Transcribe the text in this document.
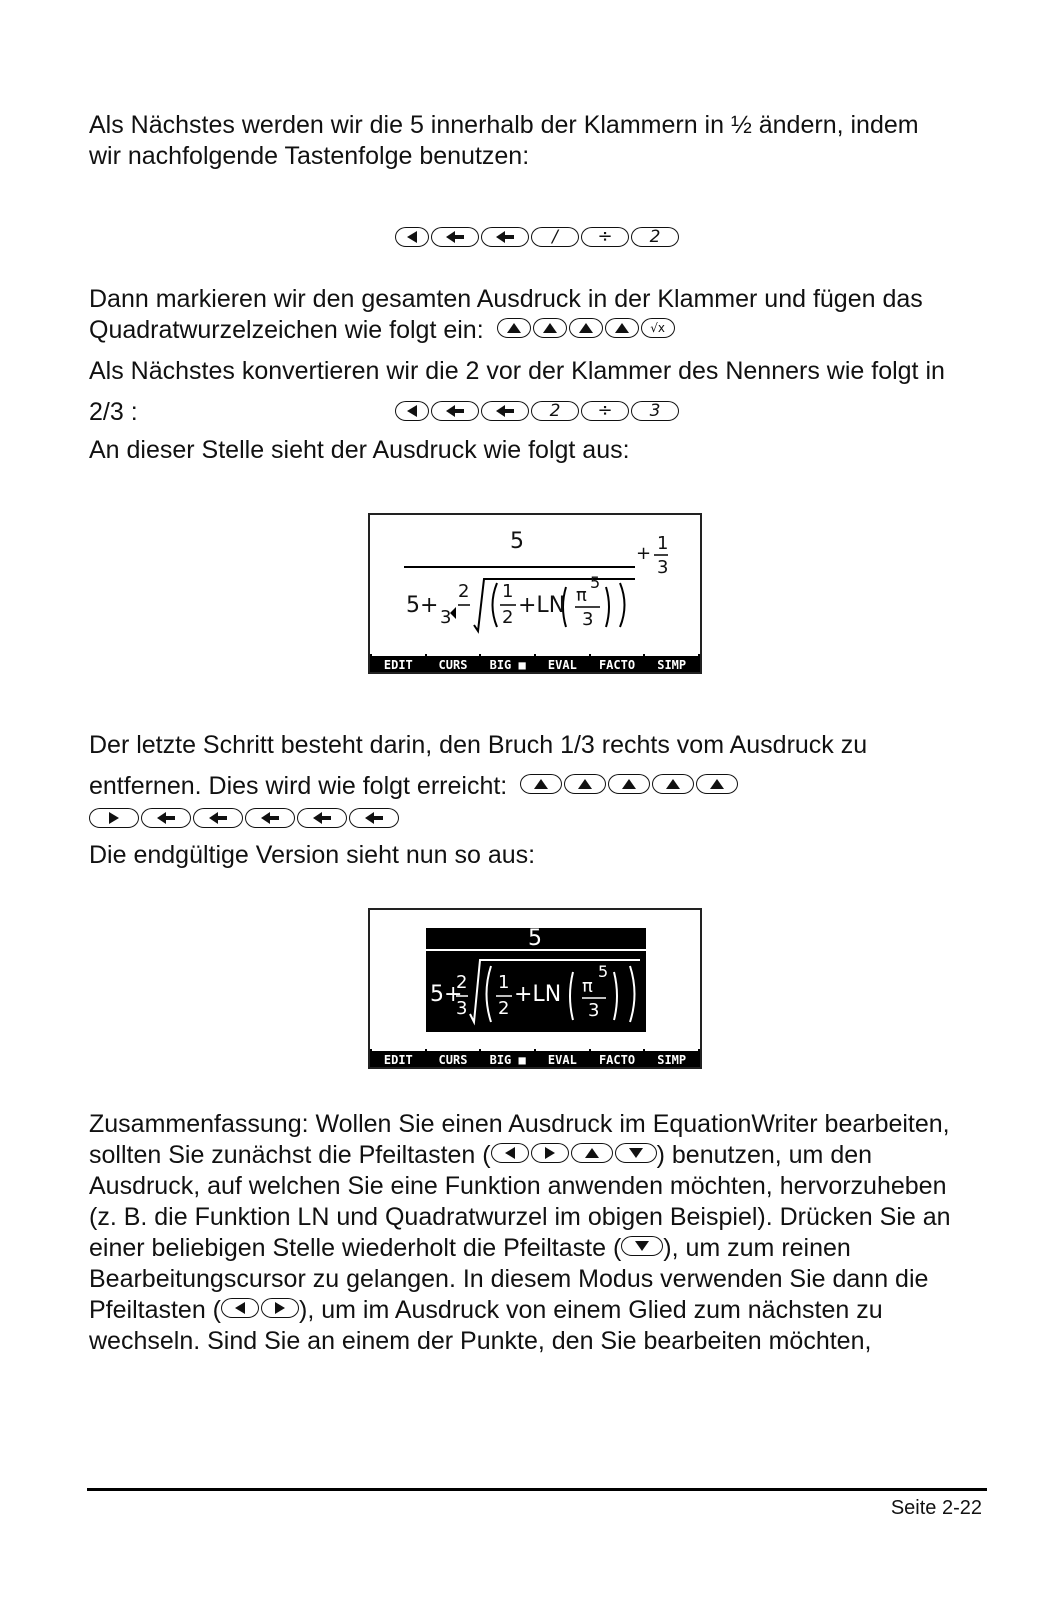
Als Nächstes werden wir die 5 innerhalb der Klammern in ½ ändern, indem
wir nachfolgende Tastenfolge benutzen:
/ ÷ 2
Dann markieren wir den gesamten Ausdruck in der Klammer und fügen das
Quadratwurzelzeichen wie folgt ein:	√x
Als Nächstes konvertieren wir die 2 vor der Klammer des Nenners wie folgt in
2/3 :	2 ÷ 3
An dieser Stelle sieht der Ausdruck wie folgt aus:
5
5+
2
3
1
2 +LN π
5
3
+ 1
3
EDIT	CURS	BIG ■	EVAL	FACTO	SIMP
Der letzte Schritt besteht darin, den Bruch 1/3 rechts vom Ausdruck zu
entfernen. Dies wird wie folgt erreicht:
Die endgültige Version sieht nun so aus:
5
5+
2
3
1
2
+LN π
5
3
EDIT	CURS	BIG ■	EVAL	FACTO	SIMP
Zusammenfassung: Wollen Sie einen Ausdruck im EquationWriter bearbeiten,
sollten Sie zunächst die Pfeiltasten (	) benutzen, um den
Ausdruck, auf welchen Sie eine Funktion anwenden möchten, hervorzuheben
(z. B. die Funktion LN und Quadratwurzel im obigen Beispiel). Drücken Sie an
einer beliebigen Stelle wiederholt die Pfeiltaste ( ), um zum reinen
Bearbeitungscursor zu gelangen. In diesem Modus verwenden Sie dann die
Pfeiltasten (	), um im Ausdruck von einem Glied zum nächsten zu
wechseln. Sind Sie an einem der Punkte, den Sie bearbeiten möchten,
Seite 2-22
